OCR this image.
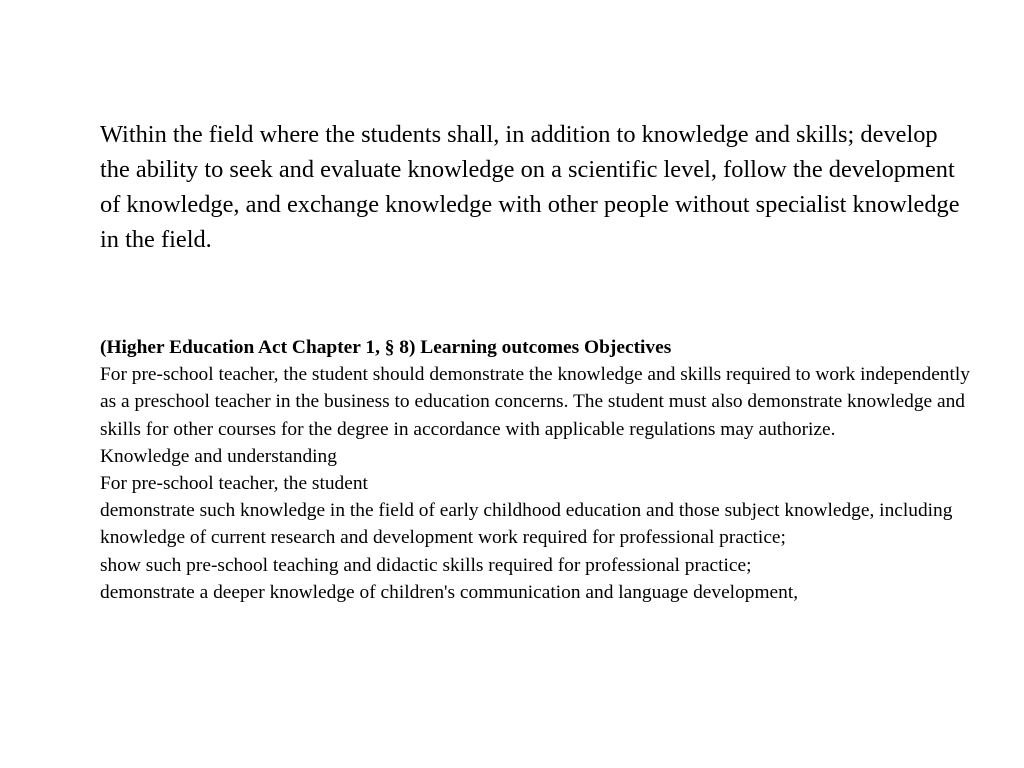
Within the field where the students shall, in addition to knowledge and skills; develop the ability to seek and evaluate knowledge on a scientific level, follow the development of knowledge, and exchange knowledge with other people without specialist knowledge in the field.

(Higher Education Act Chapter 1, § 8) Learning outcomes Objectives
For pre-school teacher, the student should demonstrate the knowledge and skills required to work independently as a preschool teacher in the business to education concerns. The student must also demonstrate knowledge and skills for other courses for the degree in accordance with applicable regulations may authorize.
Knowledge and understanding
For pre-school teacher, the student
demonstrate such knowledge in the field of early childhood education and those subject knowledge, including knowledge of current research and development work required for professional practice;
show such pre-school teaching and didactic skills required for professional practice;
demonstrate a deeper knowledge of children's communication and language development,
